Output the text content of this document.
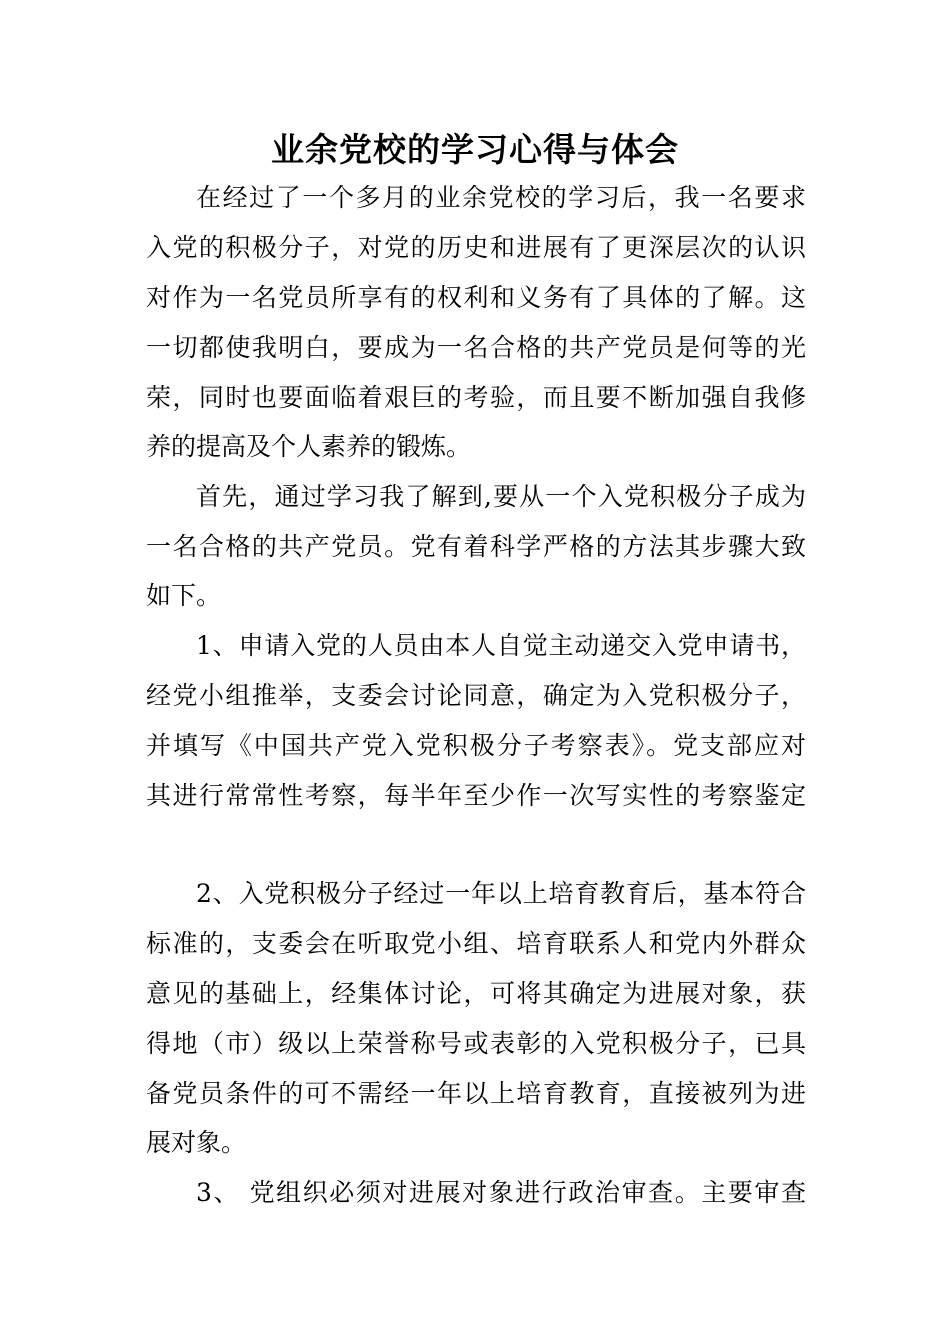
业余党校的学习心得与体会

在经过了一个多月的业余党校的学习后，我一名要求

入党的积极分子，对党的历史和进展有了更深层次的认识

对作为一名党员所享有的权利和义务有了具体的了解。这

一切都使我明白，要成为一名合格的共产党员是何等的光

荣，同时也要面临着艰巨的考验，而且要不断加强自我修

养的提高及个人素养的锻炼。

首先，通过学习我了解到,要从一个入党积极分子成为

一名合格的共产党员。党有着科学严格的方法其步骤大致

如下。

1、申请入党的人员由本人自觉主动递交入党申请书，

经党小组推举，支委会讨论同意，确定为入党积极分子，

并填写《中国共产党入党积极分子考察表》。党支部应对

其进行常常性考察，每半年至少作一次写实性的考察鉴定

2、入党积极分子经过一年以上培育教育后，基本符合

标准的，支委会在听取党小组、培育联系人和党内外群众

意见的基础上，经集体讨论，可将其确定为进展对象，获

得地（市）级以上荣誉称号或表彰的入党积极分子，已具

备党员条件的可不需经一年以上培育教育，直接被列为进

展对象。

3、 党组织必须对进展对象进行政治审查。主要审查
